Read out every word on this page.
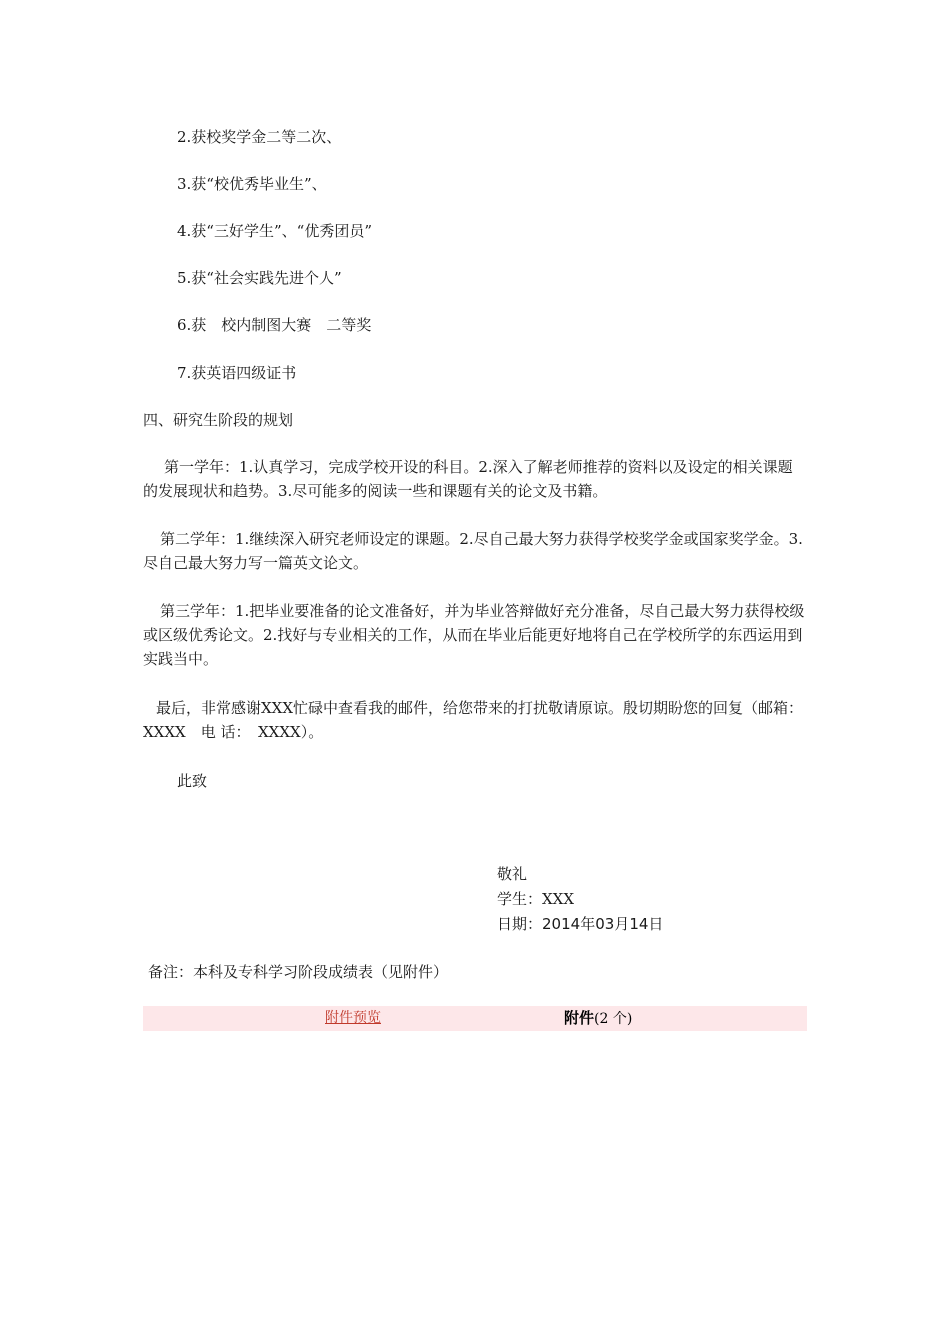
2.获校奖学金二等二次、
3.获“校优秀毕业生”、
4.获“三好学生”、“优秀团员”
5.获“社会实践先进个人”
6.获　校内制图大赛　二等奖
7.获英语四级证书
四、研究生阶段的规划
第一学年：1.认真学习，完成学校开设的科目。2.深入了解老师推荐的资料以及设定的相关课题的发展现状和趋势。3.尽可能多的阅读一些和课题有关的论文及书籍。
第二学年：1.继续深入研究老师设定的课题。2.尽自己最大努力获得学校奖学金或国家奖学金。3.尽自己最大努力写一篇英文论文。
第三学年：1.把毕业要准备的论文准备好，并为毕业答辩做好充分准备，尽自己最大努力获得校级或区级优秀论文。2.找好与专业相关的工作，从而在毕业后能更好地将自己在学校所学的东西运用到实践当中。
最后，非常感谢XXX忙碌中查看我的邮件，给您带来的打扰敬请原谅。殷切期盼您的回复（邮箱：XXXX　电 话：　XXXX）。
此致
敬礼
学生：XXX
日期：2014年03月14日
备注：本科及专科学习阶段成绩表（见附件）
附件预览	附件(2 个)
